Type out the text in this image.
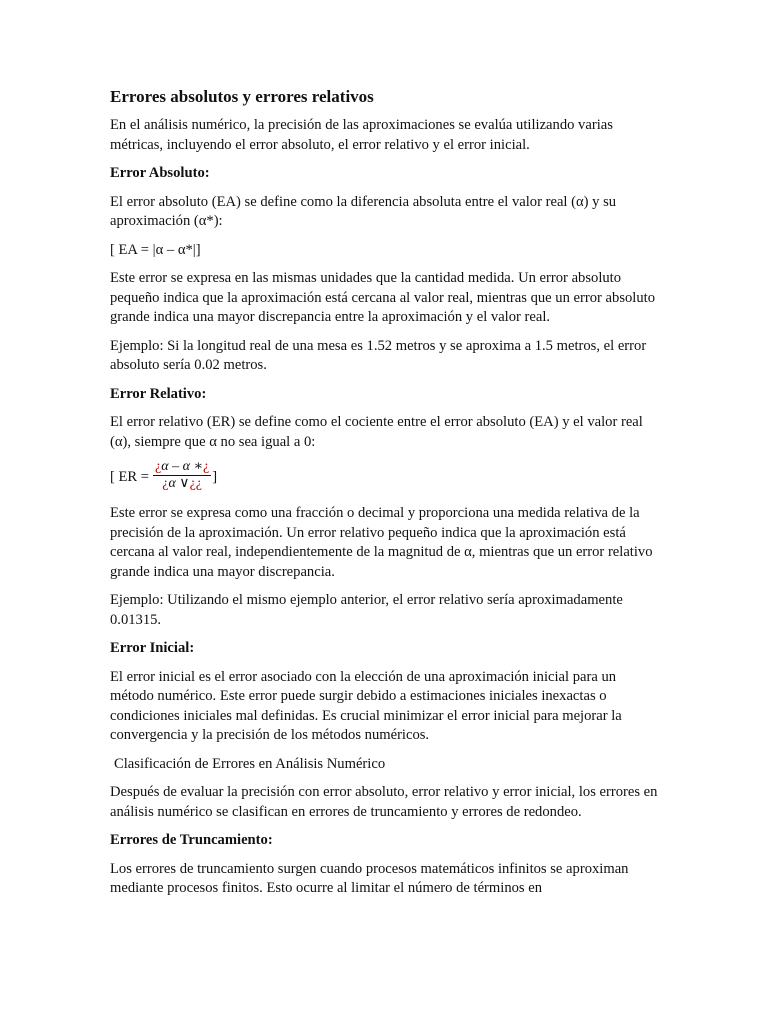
Errores absolutos y errores relativos

En el análisis numérico, la precisión de las aproximaciones se evalúa utilizando varias métricas, incluyendo el error absoluto, el error relativo y el error inicial.

Error Absoluto:

El error absoluto (EA) se define como la diferencia absoluta entre el valor real (α) y su aproximación (α*):

[ EA = |α – α*|]

Este error se expresa en las mismas unidades que la cantidad medida. Un error absoluto pequeño indica que la aproximación está cercana al valor real, mientras que un error absoluto grande indica una mayor discrepancia entre la aproximación y el valor real.

Ejemplo: Si la longitud real de una mesa es 1.52 metros y se aproxima a 1.5 metros, el error absoluto sería 0.02 metros.

Error Relativo:

El error relativo (ER) se define como el cociente entre el error absoluto (EA) y el valor real (α), siempre que α no sea igual a 0:

[ ER = $\frac{¿\alpha - \alpha ∗¿}{¿\alpha \vee¿¿}$ ]

Este error se expresa como una fracción o decimal y proporciona una medida relativa de la precisión de la aproximación. Un error relativo pequeño indica que la aproximación está cercana al valor real, independientemente de la magnitud de α, mientras que un error relativo grande indica una mayor discrepancia.

Ejemplo: Utilizando el mismo ejemplo anterior, el error relativo sería aproximadamente 0.01315.

Error Inicial:

El error inicial es el error asociado con la elección de una aproximación inicial para un método numérico. Este error puede surgir debido a estimaciones iniciales inexactas o condiciones iniciales mal definidas. Es crucial minimizar el error inicial para mejorar la convergencia y la precisión de los métodos numéricos.

Clasificación de Errores en Análisis Numérico

Después de evaluar la precisión con error absoluto, error relativo y error inicial, los errores en análisis numérico se clasifican en errores de truncamiento y errores de redondeo.

Errores de Truncamiento:

Los errores de truncamiento surgen cuando procesos matemáticos infinitos se aproximan mediante procesos finitos. Esto ocurre al limitar el número de términos en
